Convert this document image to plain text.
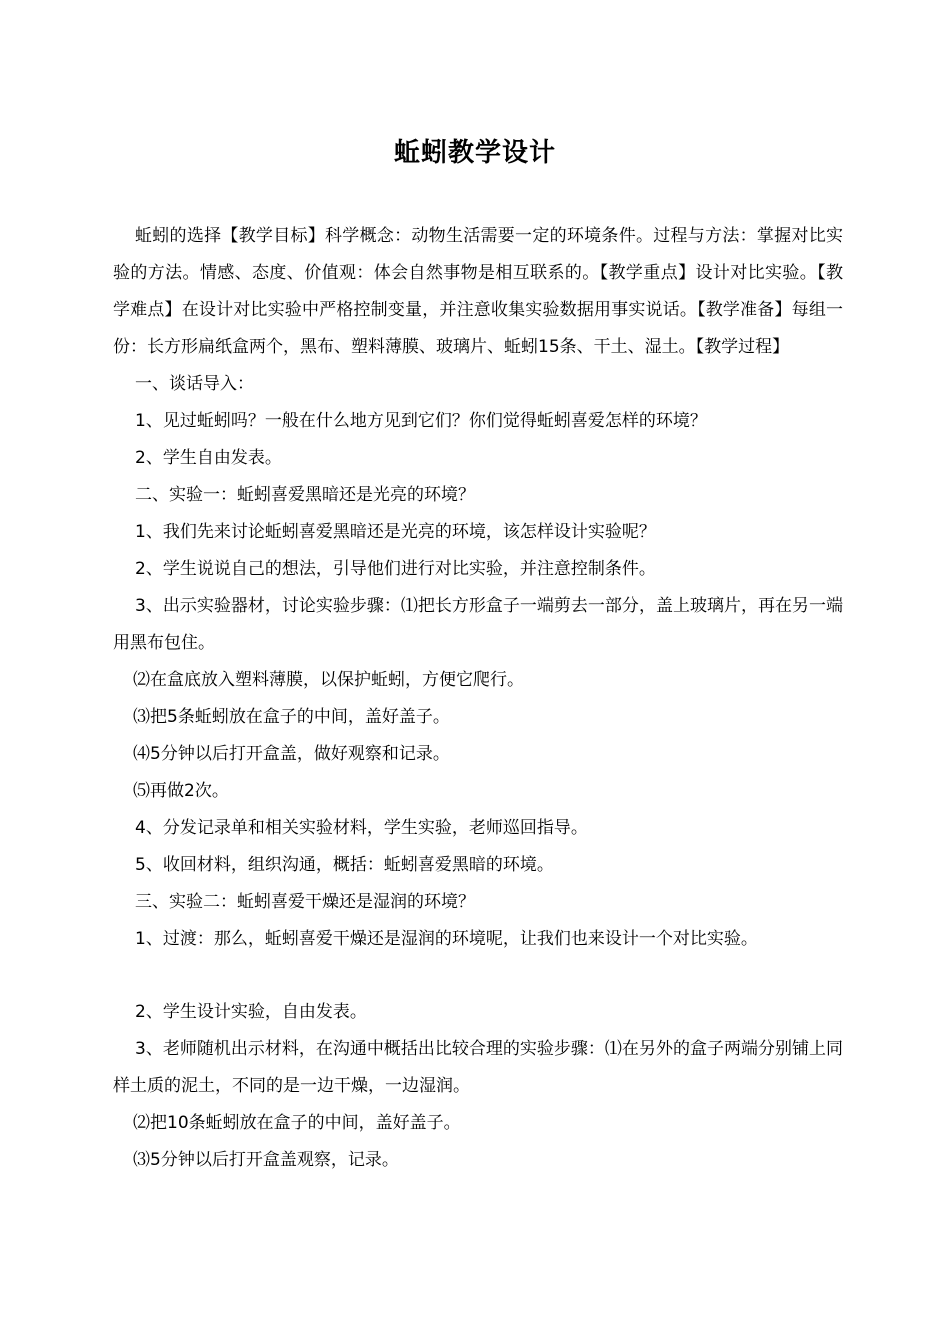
蚯蚓教学设计

蚯蚓的选择【教学目标】科学概念：动物生活需要一定的环境条件。过程与方法：掌握对比实验的方法。情感、态度、价值观：体会自然事物是相互联系的。【教学重点】设计对比实验。【教学难点】在设计对比实验中严格控制变量，并注意收集实验数据用事实说话。【教学准备】每组一份：长方形扁纸盒两个，黑布、塑料薄膜、玻璃片、蚯蚓15条、干土、湿土。【教学过程】

一、谈话导入：

1、见过蚯蚓吗？一般在什么地方见到它们？你们觉得蚯蚓喜爱怎样的环境？

2、学生自由发表。

二、实验一：蚯蚓喜爱黑暗还是光亮的环境？

1、我们先来讨论蚯蚓喜爱黑暗还是光亮的环境，该怎样设计实验呢？

2、学生说说自己的想法，引导他们进行对比实验，并注意控制条件。

3、出示实验器材，讨论实验步骤：⑴把长方形盒子一端剪去一部分，盖上玻璃片，再在另一端用黑布包住。

⑵在盒底放入塑料薄膜，以保护蚯蚓，方便它爬行。

⑶把5条蚯蚓放在盒子的中间，盖好盖子。

⑷5分钟以后打开盒盖，做好观察和记录。

⑸再做2次。

4、分发记录单和相关实验材料，学生实验，老师巡回指导。

5、收回材料，组织沟通，概括：蚯蚓喜爱黑暗的环境。

三、实验二：蚯蚓喜爱干燥还是湿润的环境？

1、过渡：那么，蚯蚓喜爱干燥还是湿润的环境呢，让我们也来设计一个对比实验。

2、学生设计实验，自由发表。

3、老师随机出示材料，在沟通中概括出比较合理的实验步骤：⑴在另外的盒子两端分别铺上同样土质的泥土，不同的是一边干燥，一边湿润。

⑵把10条蚯蚓放在盒子的中间，盖好盖子。

⑶5分钟以后打开盒盖观察，记录。
